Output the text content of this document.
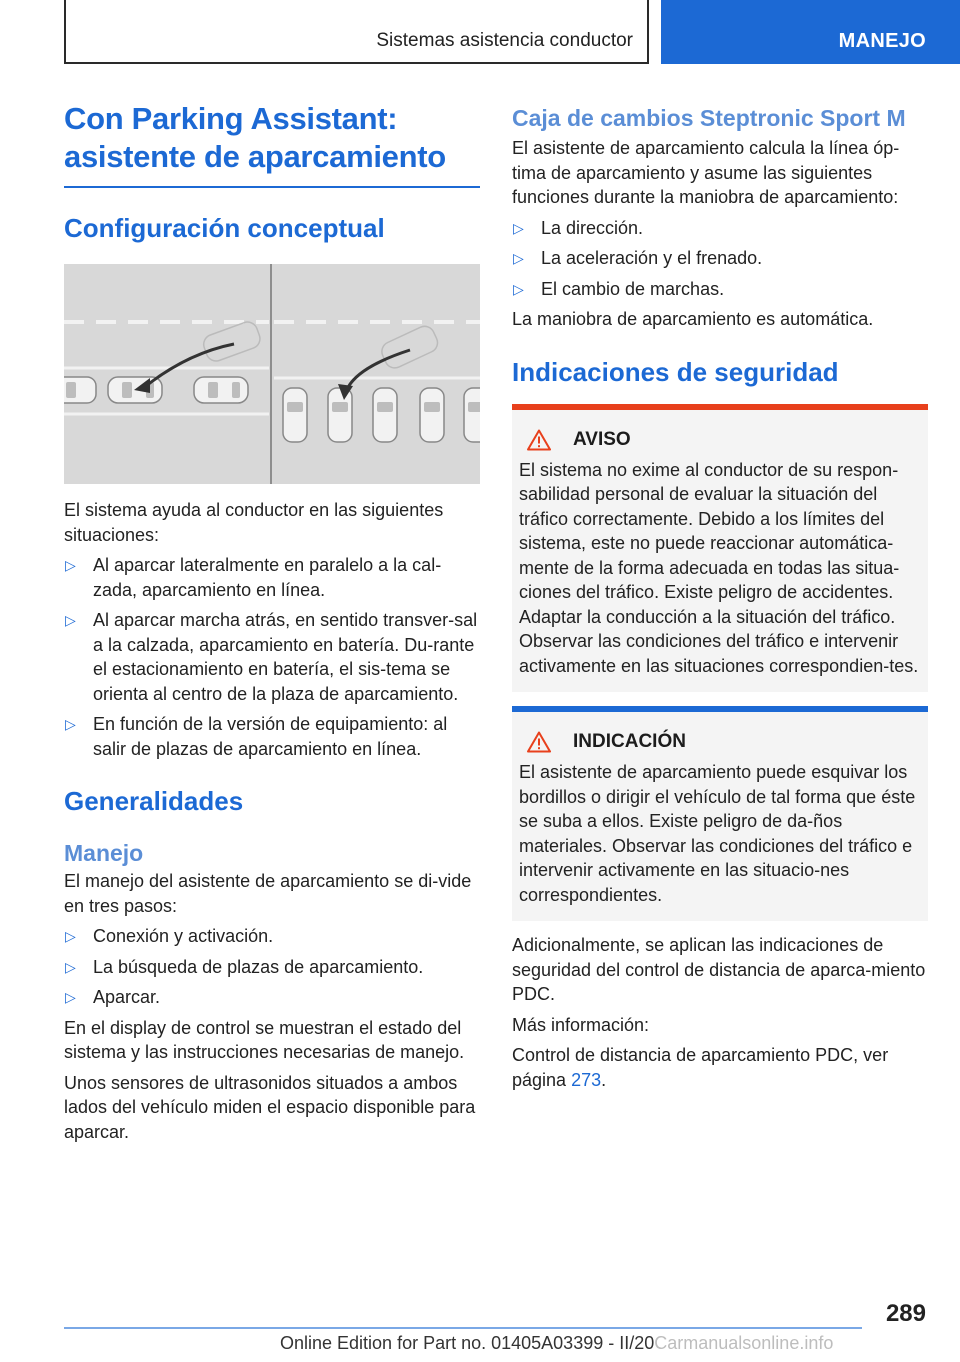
Sistemas asistencia conductor	MANEJO
Con Parking Assistant: asistente de aparcamiento
Configuración conceptual

El sistema ayuda al conductor en las siguientes situaciones:

▷ Al aparcar lateralmente en paralelo a la cal-zada, aparcamiento en línea.
▷ Al aparcar marcha atrás, en sentido transver-sal a la calzada, aparcamiento en batería. Du-rante el estacionamiento en batería, el sis-tema se orienta al centro de la plaza de aparcamiento.
▷ En función de la versión de equipamiento: al salir de plazas de aparcamiento en línea.
Generalidades
Manejo

El manejo del asistente de aparcamiento se di-vide en tres pasos:

▷ Conexión y activación.
▷ La búsqueda de plazas de aparcamiento.
▷ Aparcar.

En el display de control se muestran el estado del sistema y las instrucciones necesarias de manejo.

Unos sensores de ultrasonidos situados a ambos lados del vehículo miden el espacio disponible para aparcar.

Caja de cambios Steptronic Sport M

El asistente de aparcamiento calcula la línea óp-tima de aparcamiento y asume las siguientes funciones durante la maniobra de aparcamiento:

▷ La dirección.
▷ La aceleración y el frenado.
▷ El cambio de marchas.

La maniobra de aparcamiento es automática.

Indicaciones de seguridad
AVISO

El sistema no exime al conductor de su respon-sabilidad personal de evaluar la situación del tráfico correctamente. Debido a los límites del sistema, este no puede reaccionar automática-mente de la forma adecuada en todas las situa-ciones del tráfico. Existe peligro de accidentes. Adaptar la conducción a la situación del tráfico. Observar las condiciones del tráfico e intervenir activamente en las situaciones correspondien-tes.

INDICACIÓN

El asistente de aparcamiento puede esquivar los bordillos o dirigir el vehículo de tal forma que éste se suba a ellos. Existe peligro de da-ños materiales. Observar las condiciones del tráfico e intervenir activamente en las situacio-nes correspondientes.

Adicionalmente, se aplican las indicaciones de seguridad del control de distancia de aparca-miento PDC.

Más información:

Control de distancia de aparcamiento PDC, ver página 273.

289
Online Edition for Part no. 01405A03399 - II/20Carmanualsonline.info
